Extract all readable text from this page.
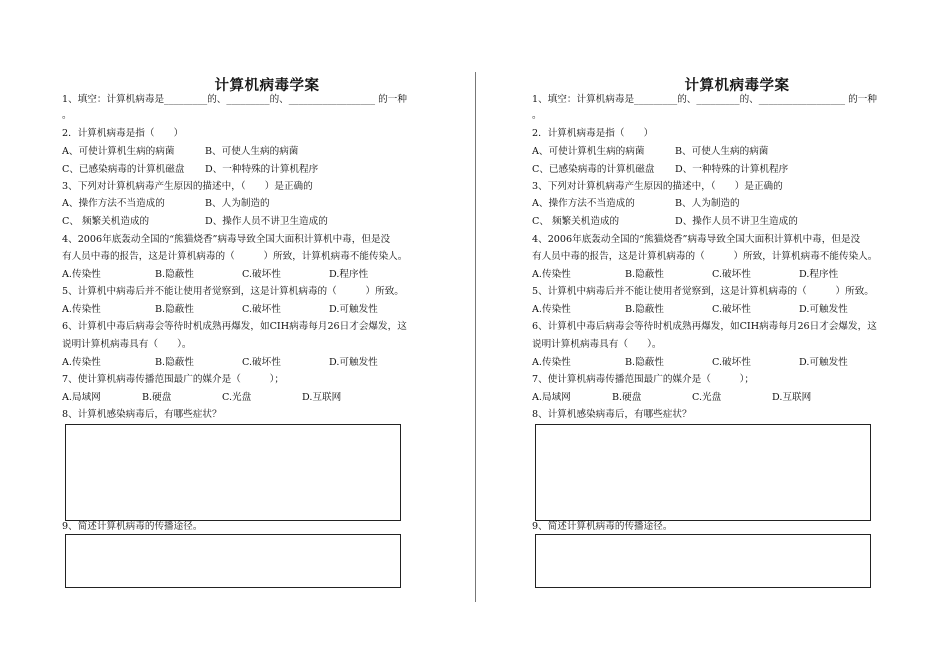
计算机病毒学案
1、填空：计算机病毒是_________的、_________的、__________________ 的一种
。
2．计算机病毒是指（　　）
A、可使计算机生病的病菌	B、可使人生病的病菌
C、已感染病毒的计算机磁盘 D、一种特殊的计算机程序
3、下列对计算机病毒产生原因的描述中，（　　）是正确的
A、操作方法不当造成的	B、人为制造的
C、 频繁关机造成的	D、操作人员不讲卫生造成的
4、2006年底轰动全国的“熊猫烧香”病毒导致全国大面积计算机中毒，但是没
有人员中毒的报告，这是计算机病毒的（　　　）所致，计算机病毒不能传染人。
A.传染性	B.隐蔽性	C.破坏性	D.程序性
5、计算机中病毒后并不能让使用者觉察到，这是计算机病毒的（　　　）所致。
A.传染性	B.隐蔽性	C.破坏性	D.可触发性
6、计算机中毒后病毒会等待时机成熟再爆发，如CIH病毒每月26日才会爆发，这
说明计算机病毒具有（　　）。
A.传染性	B.隐蔽性	C.破坏性	D.可触发性
7、使计算机病毒传播范围最广的媒介是（　　　）；
A.局域网	B.硬盘	C.光盘	D.互联网
8、计算机感染病毒后，有哪些症状？
9、简述计算机病毒的传播途径。
计算机病毒学案
1、填空：计算机病毒是_________的、_________的、__________________ 的一种
。
2．计算机病毒是指（　　）
A、可使计算机生病的病菌	B、可使人生病的病菌
C、已感染病毒的计算机磁盘 D、一种特殊的计算机程序
3、下列对计算机病毒产生原因的描述中，（　　）是正确的
A、操作方法不当造成的	B、人为制造的
C、 频繁关机造成的	D、操作人员不讲卫生造成的
4、2006年底轰动全国的“熊猫烧香”病毒导致全国大面积计算机中毒，但是没
有人员中毒的报告，这是计算机病毒的（　　　）所致，计算机病毒不能传染人。
A.传染性	B.隐蔽性	C.破坏性	D.程序性
5、计算机中病毒后并不能让使用者觉察到，这是计算机病毒的（　　　）所致。
A.传染性	B.隐蔽性	C.破坏性	D.可触发性
6、计算机中毒后病毒会等待时机成熟再爆发，如CIH病毒每月26日才会爆发，这
说明计算机病毒具有（　　）。
A.传染性	B.隐蔽性	C.破坏性	D.可触发性
7、使计算机病毒传播范围最广的媒介是（　　　）；
A.局域网	B.硬盘	C.光盘	D.互联网
8、计算机感染病毒后，有哪些症状？
9、简述计算机病毒的传播途径。
